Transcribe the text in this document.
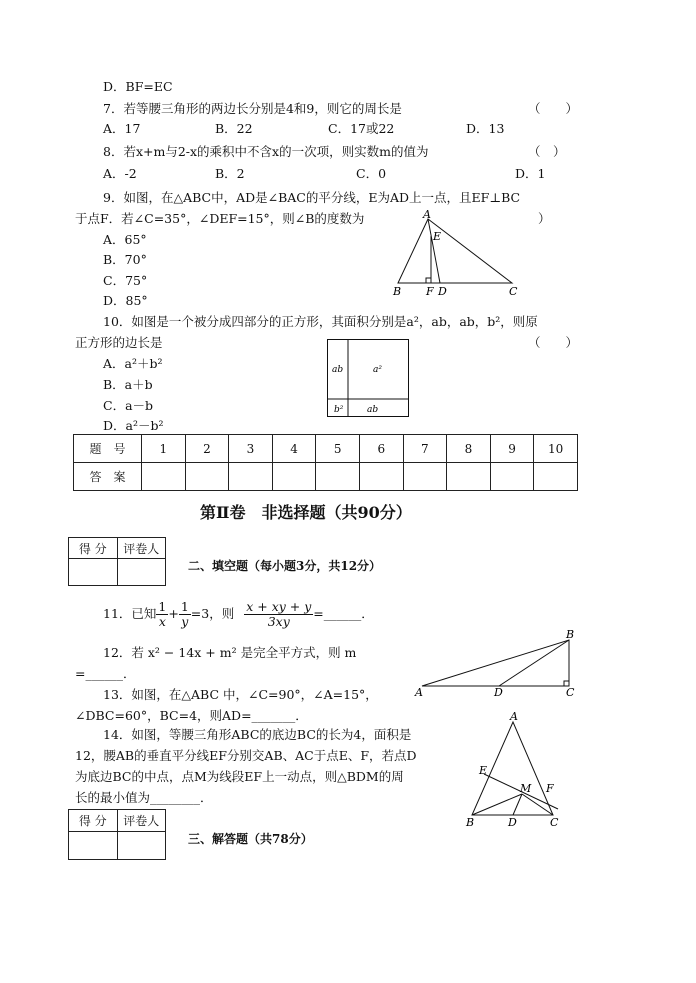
D．BF=EC
7．若等腰三角形的两边长分别是4和9，则它的周长是	（　　）
A．17	B．22	C．17或22	D．13
8．若x+m与2-x的乘积中不含x的一次项，则实数m的值为	（　）
A．-2	B．2	C．0	D．1
9．如图，在△ABC中，AD是∠BAC的平分线，E为AD上一点，且EF⊥BC
于点F．若∠C=35°，∠DEF=15°，则∠B的度数为	）
A．65°
B．70°
C．75°
D．85°
A
E
B F D	C
10．如图是一个被分成四部分的正方形，其面积分别是a²，ab，ab，b²，则原
正方形的边长是	（　　）
A．a²＋b²
B．a＋b
C．a－b
D．a²－b²
ab	a²
b²	ab
题　号	1	2	3	4	5	6	7	8	9	10
答　案										
第Ⅱ卷　非选择题（共90分）
得 分	评卷人

二、填空题（每小题3分，共12分）
11．已知 $\frac{1}{x} + \frac{1}{y} =3$，则 $\frac{x + xy + y}{3xy}$ =______．
12．若 x² − 14x + m² 是完全平方式，则 m
=______．
13．如图，在△ABC 中，∠C=90°，∠A=15°，
∠DBC=60°，BC=4，则AD=_______．
B
A	D	C
14．如图，等腰三角形ABC的底边BC的长为4，面积是
12，腰AB的垂直平分线EF分别交AB、AC于点E、F，若点D
为底边BC的中点，点M为线段EF上一动点，则△BDM的周
长的最小值为________．
A
E
M F
B	D	C
得 分	评卷人

三、解答题（共78分）
